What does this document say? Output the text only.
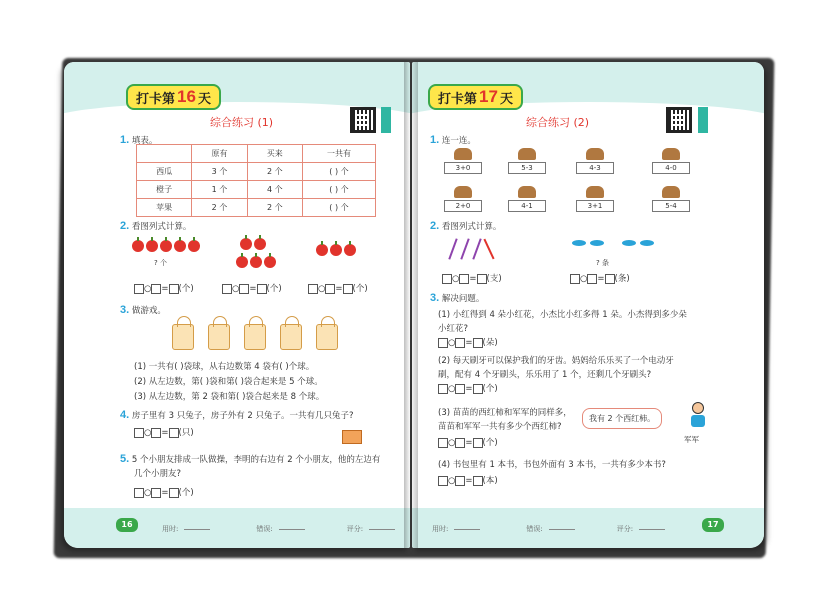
打卡第 16 天
综合练习 (1)
1. 填表。
	原有	买来	一共有
西瓜	3 个	2 个	( ) 个
橙子	1 个	4 个	( ) 个
苹果	2 个	2 个	( ) 个
2. 看图列式计算。
? 个
○ = (个)	○ = (个)	○ = (个)
3. 做游戏。
(1) 一共有( )袋球，从右边数第 4 袋有( )个球。
(2) 从左边数，第( )袋和第( )袋合起来是 5 个球。
(3) 从左边数，第 2 袋和第( )袋合起来是 8 个球。
4. 房子里有 3 只兔子，房子外有 2 只兔子。一共有几只兔子?
○ = (只)
5. 5 个小朋友排成一队做操，李明的右边有 2 个小朋友，他的左边有
几个小朋友?
○ = (个)
16	用时:	错误:	评分:
打卡第 17 天
综合练习 (2)
1. 连一连。
3+0	5-3	4-3	4-0
2+0	4-1	3+1	5-4
2. 看图列式计算。
○ = (支)
? 条
○ = (条)
3. 解决问题。
(1) 小红得到 4 朵小红花，小杰比小红多得 1 朵。小杰得到多少朵
小红花?
○ = (朵)
(2) 每天刷牙可以保护我们的牙齿。妈妈给乐乐买了一个电动牙
刷，配有 4 个牙刷头，乐乐用了 1 个，还剩几个牙刷头?
○ = (个)
(3) 苗苗的西红柿和军军的同样多，
苗苗和军军一共有多少个西红柿?
我有 2 个西红柿。
军军
○ = (个)
(4) 书包里有 1 本书，书包外面有 3 本书，一共有多少本书?
○ = (本)
用时:	错误:	评分:	17
